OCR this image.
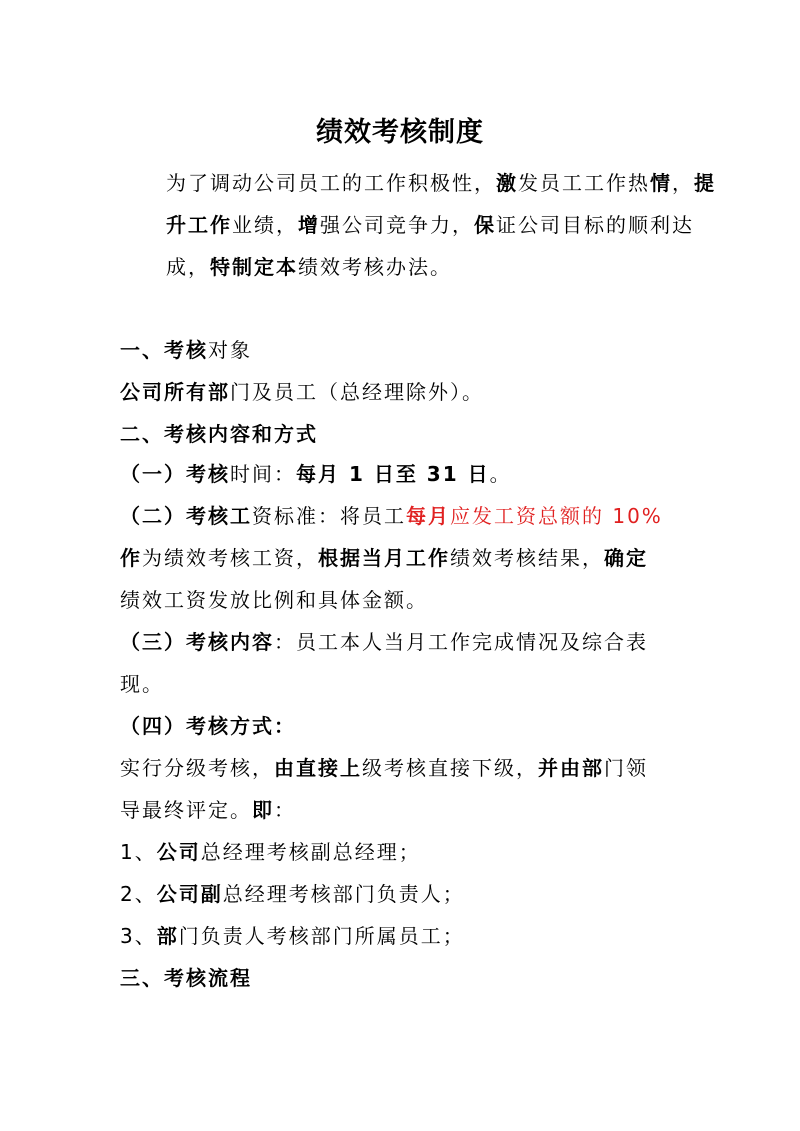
绩效考核制度
为了调动公司员工的工作积极性，激发员工工作热情，提升工作业绩，增强公司竞争力，保证公司目标的顺利达成，特制定本绩效考核办法。
一、考核对象
公司所有部门及员工（总经理除外）。
二、考核内容和方式
（一）考核时间：每月 1 日至 31 日。
（二）考核工资标准：将员工每月应发工资总额的 10%
作为绩效考核工资，根据当月工作绩效考核结果，确定
绩效工资发放比例和具体金额。
（三）考核内容：员工本人当月工作完成情况及综合表
现。
（四）考核方式：
实行分级考核，由直接上级考核直接下级，并由部门领
导最终评定。即：
1、公司总经理考核副总经理；
2、公司副总经理考核部门负责人；
3、部门负责人考核部门所属员工；
三、考核流程
